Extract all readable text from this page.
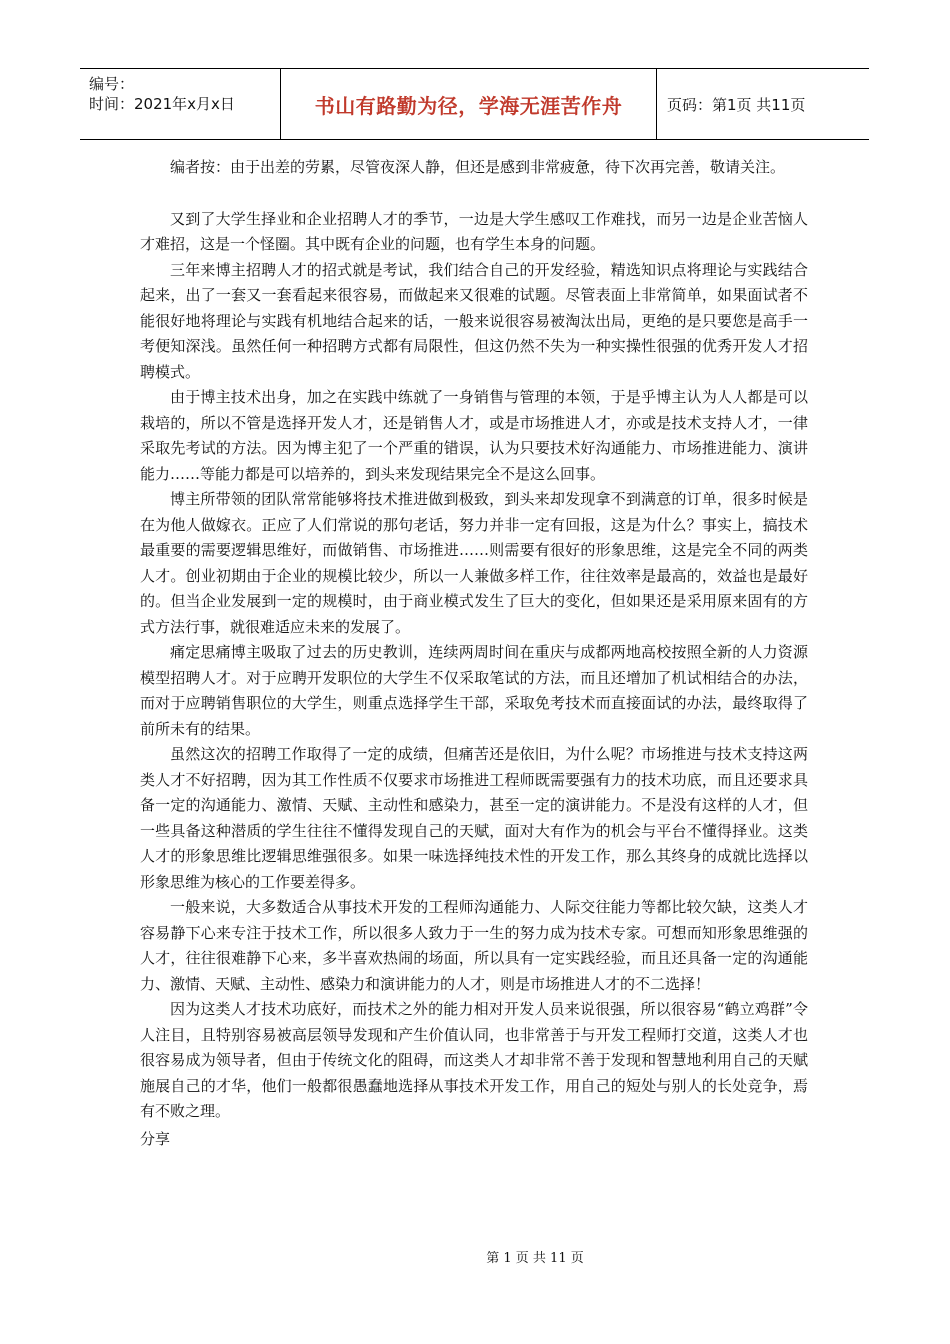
编号：
时间：2021年x月x日	书山有路勤为径，学海无涯苦作舟	页码：第1页 共11页

编者按：由于出差的劳累，尽管夜深人静，但还是感到非常疲惫，待下次再完善，敬请关注。

又到了大学生择业和企业招聘人才的季节，一边是大学生感叹工作难找，而另一边是企业苦恼人才难招，这是一个怪圈。其中既有企业的问题，也有学生本身的问题。

三年来博主招聘人才的招式就是考试，我们结合自己的开发经验，精选知识点将理论与实践结合起来，出了一套又一套看起来很容易，而做起来又很难的试题。尽管表面上非常简单，如果面试者不能很好地将理论与实践有机地结合起来的话，一般来说很容易被淘汰出局，更绝的是只要您是高手一考便知深浅。虽然任何一种招聘方式都有局限性，但这仍然不失为一种实操性很强的优秀开发人才招聘模式。

由于博主技术出身，加之在实践中练就了一身销售与管理的本领，于是乎博主认为人人都是可以栽培的，所以不管是选择开发人才，还是销售人才，或是市场推进人才，亦或是技术支持人才，一律采取先考试的方法。因为博主犯了一个严重的错误，认为只要技术好沟通能力、市场推进能力、演讲能力……等能力都是可以培养的，到头来发现结果完全不是这么回事。

博主所带领的团队常常能够将技术推进做到极致，到头来却发现拿不到满意的订单，很多时候是在为他人做嫁衣。正应了人们常说的那句老话，努力并非一定有回报，这是为什么？事实上，搞技术最重要的需要逻辑思维好，而做销售、市场推进……则需要有很好的形象思维，这是完全不同的两类人才。创业初期由于企业的规模比较少，所以一人兼做多样工作，往往效率是最高的，效益也是最好的。但当企业发展到一定的规模时，由于商业模式发生了巨大的变化，但如果还是采用原来固有的方式方法行事，就很难适应未来的发展了。

痛定思痛博主吸取了过去的历史教训，连续两周时间在重庆与成都两地高校按照全新的人力资源模型招聘人才。对于应聘开发职位的大学生不仅采取笔试的方法，而且还增加了机试相结合的办法，而对于应聘销售职位的大学生，则重点选择学生干部，采取免考技术而直接面试的办法，最终取得了前所未有的结果。

虽然这次的招聘工作取得了一定的成绩，但痛苦还是依旧，为什么呢？市场推进与技术支持这两类人才不好招聘，因为其工作性质不仅要求市场推进工程师既需要强有力的技术功底，而且还要求具备一定的沟通能力、激情、天赋、主动性和感染力，甚至一定的演讲能力。不是没有这样的人才，但一些具备这种潜质的学生往往不懂得发现自己的天赋，面对大有作为的机会与平台不懂得择业。这类人才的形象思维比逻辑思维强很多。如果一味选择纯技术性的开发工作，那么其终身的成就比选择以形象思维为核心的工作要差得多。

一般来说，大多数适合从事技术开发的工程师沟通能力、人际交往能力等都比较欠缺，这类人才容易静下心来专注于技术工作，所以很多人致力于一生的努力成为技术专家。可想而知形象思维强的人才，往往很难静下心来，多半喜欢热闹的场面，所以具有一定实践经验，而且还具备一定的沟通能力、激情、天赋、主动性、感染力和演讲能力的人才，则是市场推进人才的不二选择！

因为这类人才技术功底好，而技术之外的能力相对开发人员来说很强，所以很容易“鹤立鸡群”令人注目，且特别容易被高层领导发现和产生价值认同，也非常善于与开发工程师打交道，这类人才也很容易成为领导者，但由于传统文化的阻碍，而这类人才却非常不善于发现和智慧地利用自己的天赋施展自己的才华，他们一般都很愚蠢地选择从事技术开发工作，用自己的短处与别人的长处竞争，焉有不败之理。

分享

第 1 页 共 11 页
